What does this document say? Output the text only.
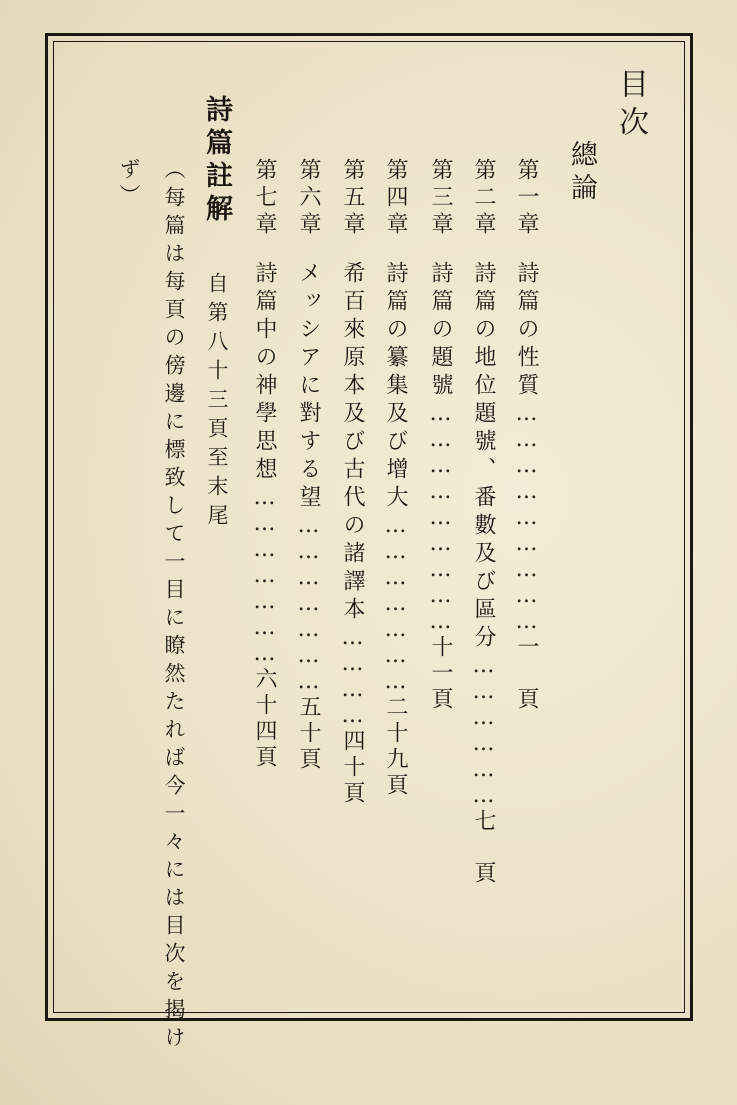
目次
總論
第一章詩篇の性質………………………一　頁
第二章詩篇の地位題號、番數及び區分………………七　頁
第三章詩篇の題號………………………十一頁
第四章詩篇の纂集及び增大…………………二十九頁
第五章希百來原本及び古代の諸譯本…………四十頁
第六章メッシアに對する望…………………五十頁
第七章詩篇中の神學思想…………………六十四頁
詩篇註解
自第八十三頁至末尾
（每篇は每頁の傍邊に標致して一目に瞭然たれば今一々には目次を揭け
ず）
